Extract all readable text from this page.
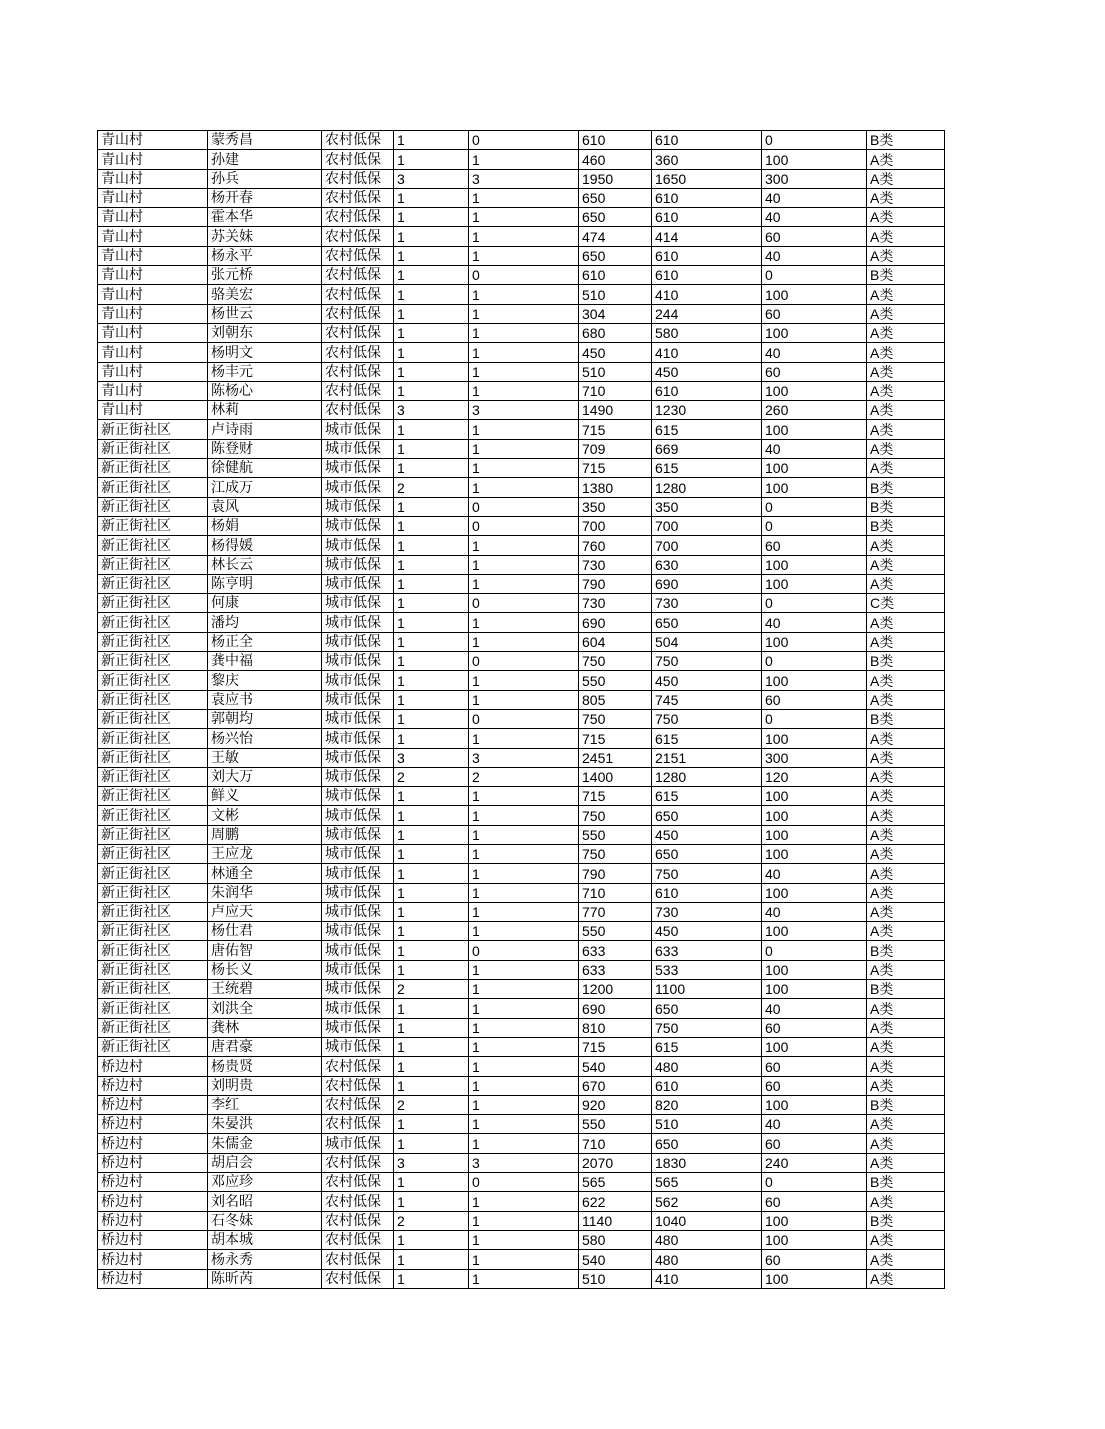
青山村	蒙秀昌	农村低保	1	0	610	610	0	B类
青山村	孙建	农村低保	1	1	460	360	100	A类
青山村	孙兵	农村低保	3	3	1950	1650	300	A类
青山村	杨开春	农村低保	1	1	650	610	40	A类
青山村	霍本华	农村低保	1	1	650	610	40	A类
青山村	苏关妹	农村低保	1	1	474	414	60	A类
青山村	杨永平	农村低保	1	1	650	610	40	A类
青山村	张元桥	农村低保	1	0	610	610	0	B类
青山村	骆美宏	农村低保	1	1	510	410	100	A类
青山村	杨世云	农村低保	1	1	304	244	60	A类
青山村	刘朝东	农村低保	1	1	680	580	100	A类
青山村	杨明文	农村低保	1	1	450	410	40	A类
青山村	杨丰元	农村低保	1	1	510	450	60	A类
青山村	陈杨心	农村低保	1	1	710	610	100	A类
青山村	林莉	农村低保	3	3	1490	1230	260	A类
新正街社区	卢诗雨	城市低保	1	1	715	615	100	A类
新正街社区	陈登财	城市低保	1	1	709	669	40	A类
新正街社区	徐健航	城市低保	1	1	715	615	100	A类
新正街社区	江成万	城市低保	2	1	1380	1280	100	B类
新正街社区	袁风	城市低保	1	0	350	350	0	B类
新正街社区	杨娟	城市低保	1	0	700	700	0	B类
新正街社区	杨得媛	城市低保	1	1	760	700	60	A类
新正街社区	林长云	城市低保	1	1	730	630	100	A类
新正街社区	陈亨明	城市低保	1	1	790	690	100	A类
新正街社区	何康	城市低保	1	0	730	730	0	C类
新正街社区	潘均	城市低保	1	1	690	650	40	A类
新正街社区	杨正全	城市低保	1	1	604	504	100	A类
新正街社区	龚中福	城市低保	1	0	750	750	0	B类
新正街社区	黎庆	城市低保	1	1	550	450	100	A类
新正街社区	袁应书	城市低保	1	1	805	745	60	A类
新正街社区	郭朝均	城市低保	1	0	750	750	0	B类
新正街社区	杨兴怡	城市低保	1	1	715	615	100	A类
新正街社区	王敏	城市低保	3	3	2451	2151	300	A类
新正街社区	刘大万	城市低保	2	2	1400	1280	120	A类
新正街社区	鲜义	城市低保	1	1	715	615	100	A类
新正街社区	文彬	城市低保	1	1	750	650	100	A类
新正街社区	周鹏	城市低保	1	1	550	450	100	A类
新正街社区	王应龙	城市低保	1	1	750	650	100	A类
新正街社区	林通全	城市低保	1	1	790	750	40	A类
新正街社区	朱润华	城市低保	1	1	710	610	100	A类
新正街社区	卢应天	城市低保	1	1	770	730	40	A类
新正街社区	杨仕君	城市低保	1	1	550	450	100	A类
新正街社区	唐佑智	城市低保	1	0	633	633	0	B类
新正街社区	杨长义	城市低保	1	1	633	533	100	A类
新正街社区	王统碧	城市低保	2	1	1200	1100	100	B类
新正街社区	刘洪全	城市低保	1	1	690	650	40	A类
新正街社区	龚林	城市低保	1	1	810	750	60	A类
新正街社区	唐君豪	城市低保	1	1	715	615	100	A类
桥边村	杨贵贤	农村低保	1	1	540	480	60	A类
桥边村	刘明贵	农村低保	1	1	670	610	60	A类
桥边村	李红	农村低保	2	1	920	820	100	B类
桥边村	朱晏洪	农村低保	1	1	550	510	40	A类
桥边村	朱儒金	城市低保	1	1	710	650	60	A类
桥边村	胡启会	农村低保	3	3	2070	1830	240	A类
桥边村	邓应珍	农村低保	1	0	565	565	0	B类
桥边村	刘名昭	农村低保	1	1	622	562	60	A类
桥边村	石冬妹	农村低保	2	1	1140	1040	100	B类
桥边村	胡本城	农村低保	1	1	580	480	100	A类
桥边村	杨永秀	农村低保	1	1	540	480	60	A类
桥边村	陈昕芮	农村低保	1	1	510	410	100	A类
